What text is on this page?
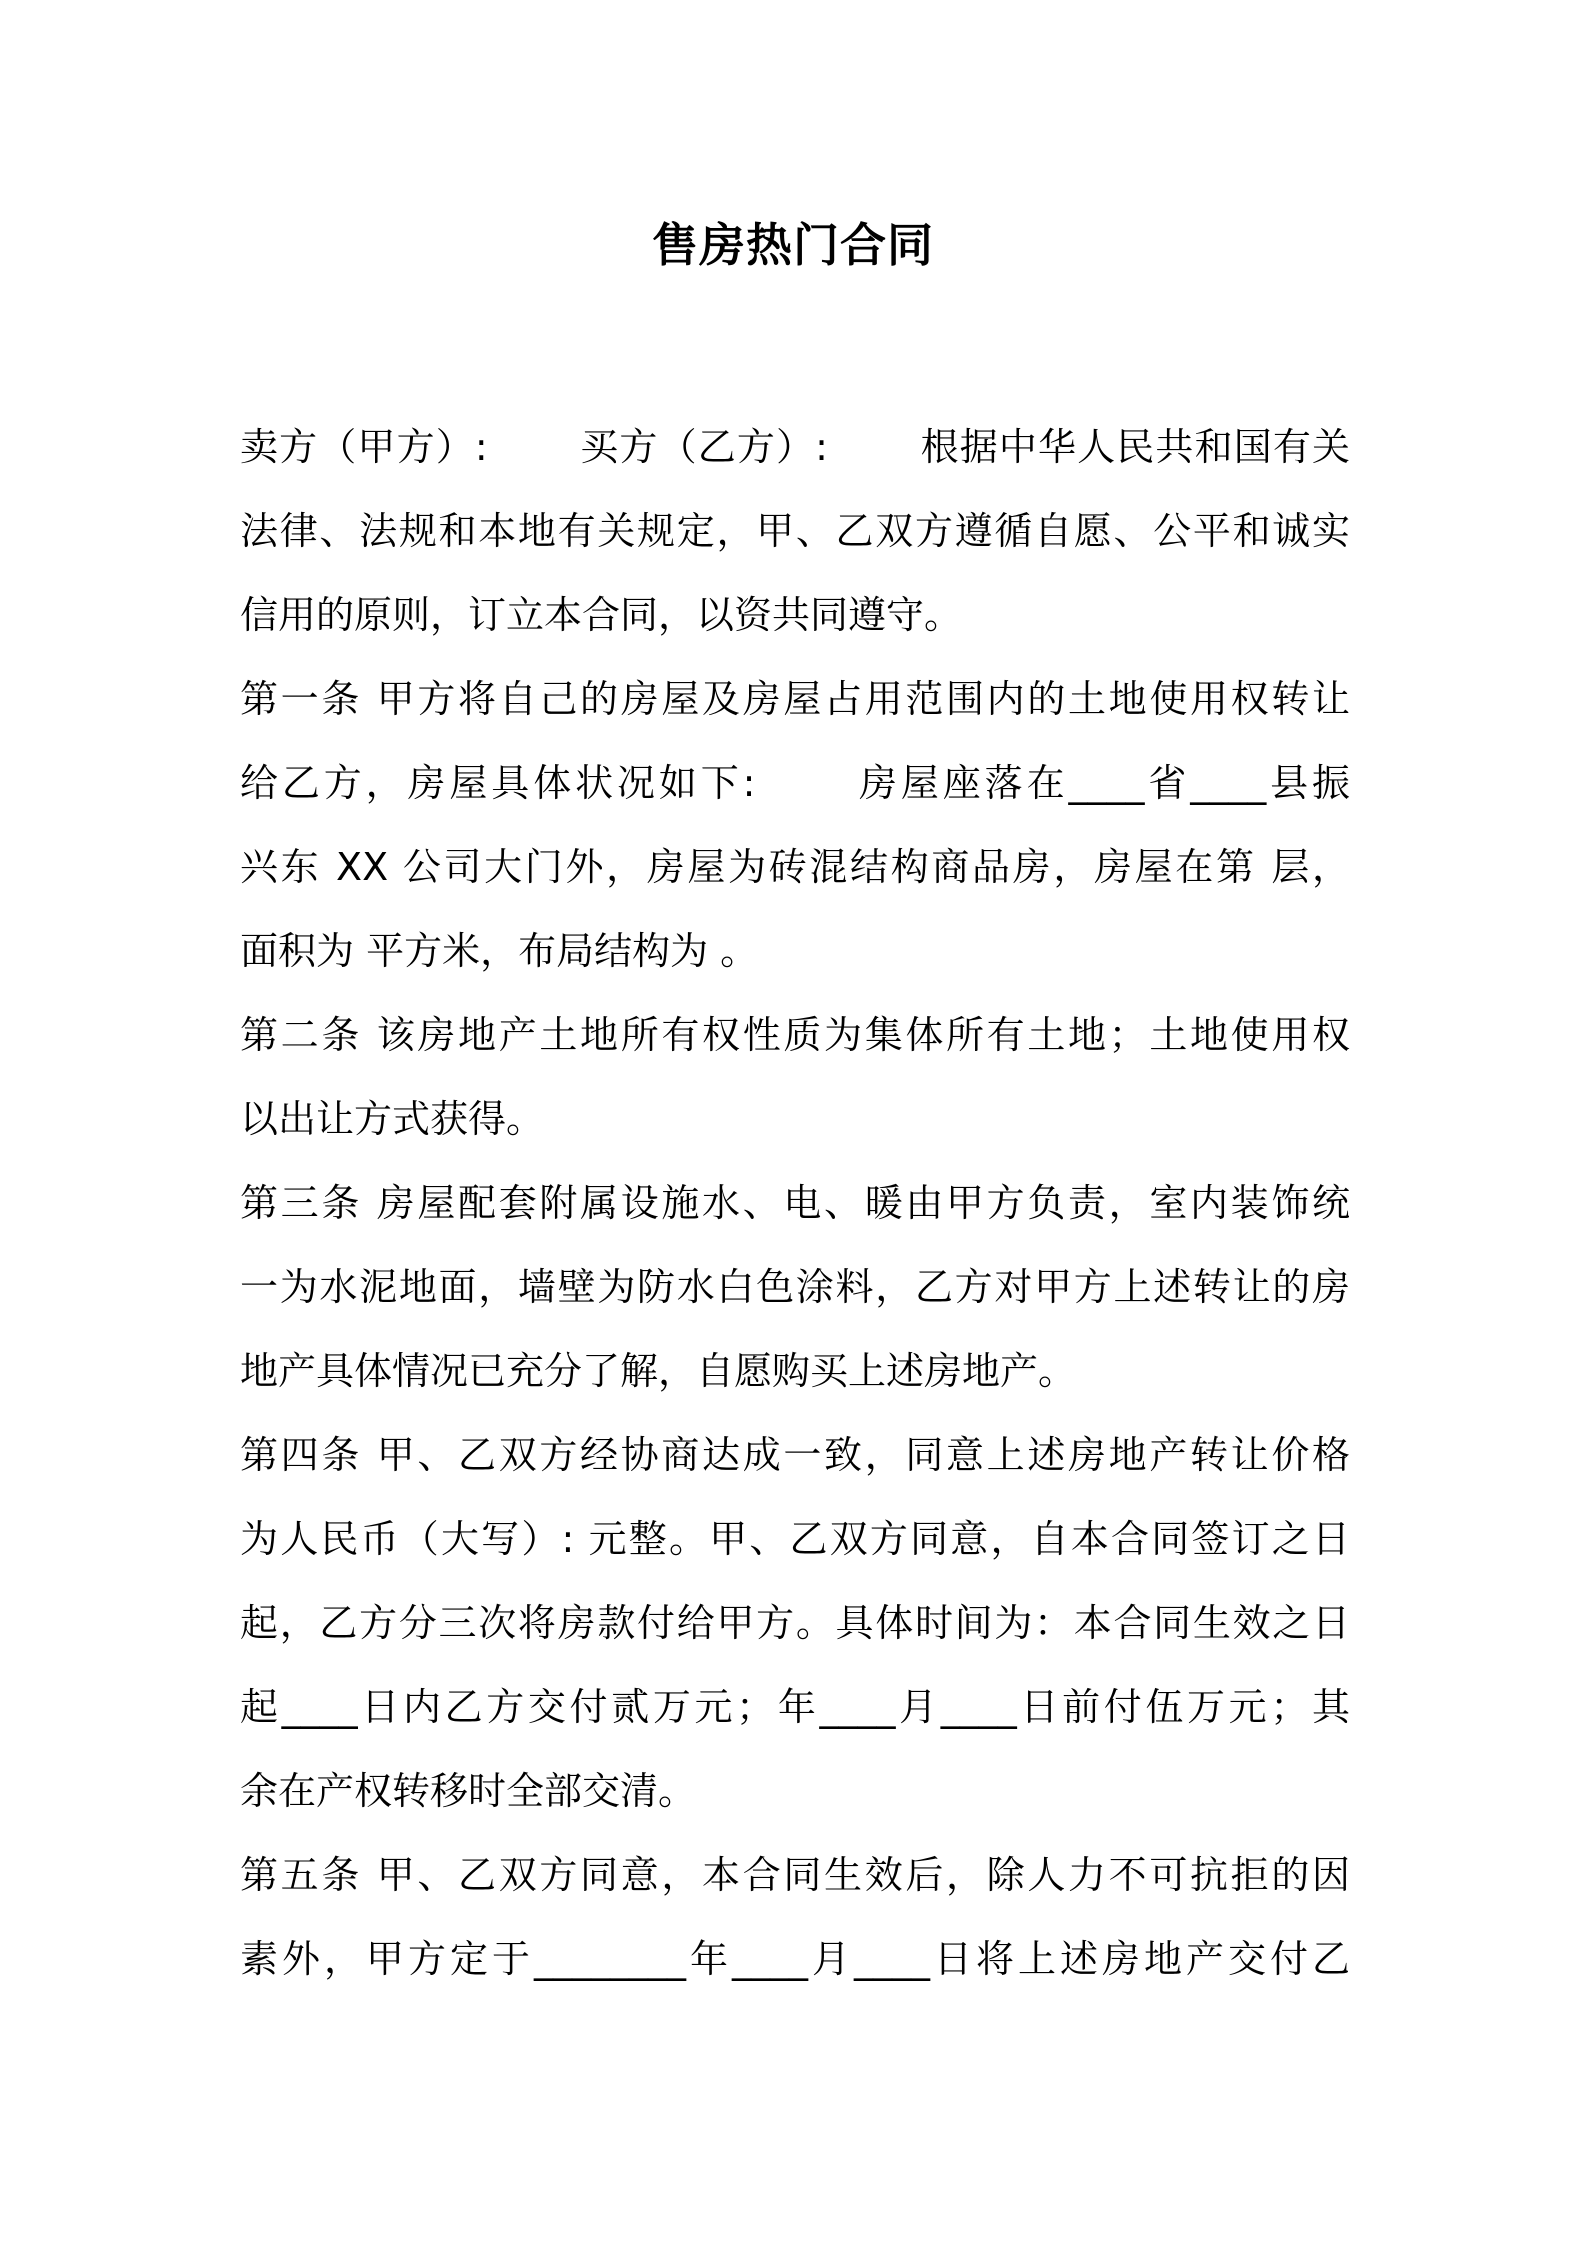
售房热门合同
卖方（甲方）:　　 买方（乙方）:　　 根据中华人民共和国有关
法律、法规和本地有关规定，甲、乙双方遵循自愿、公平和诚实
信用的原则，订立本合同，以资共同遵守。
第一条 甲方将自己的房屋及房屋占用范围内的土地使用权转让
给乙方，房屋具体状况如下:　　 房屋座落在____省____县振
兴东 XX 公司大门外，房屋为砖混结构商品房，房屋在第 层，
面积为 平方米，布局结构为 。
第二条 该房地产土地所有权性质为集体所有土地；土地使用权
以出让方式获得。
第三条 房屋配套附属设施水、电、暖由甲方负责，室内装饰统
一为水泥地面，墙壁为防水白色涂料，乙方对甲方上述转让的房
地产具体情况已充分了解，自愿购买上述房地产。
第四条 甲、乙双方经协商达成一致，同意上述房地产转让价格
为人民币（大写）: 元整。甲、乙双方同意，自本合同签订之日
起，乙方分三次将房款付给甲方。具体时间为：本合同生效之日
起____日内乙方交付贰万元；年____月____日前付伍万元；其
余在产权转移时全部交清。
第五条 甲、乙双方同意，本合同生效后，除人力不可抗拒的因
素外，甲方定于________年____月____日将上述房地产交付乙
